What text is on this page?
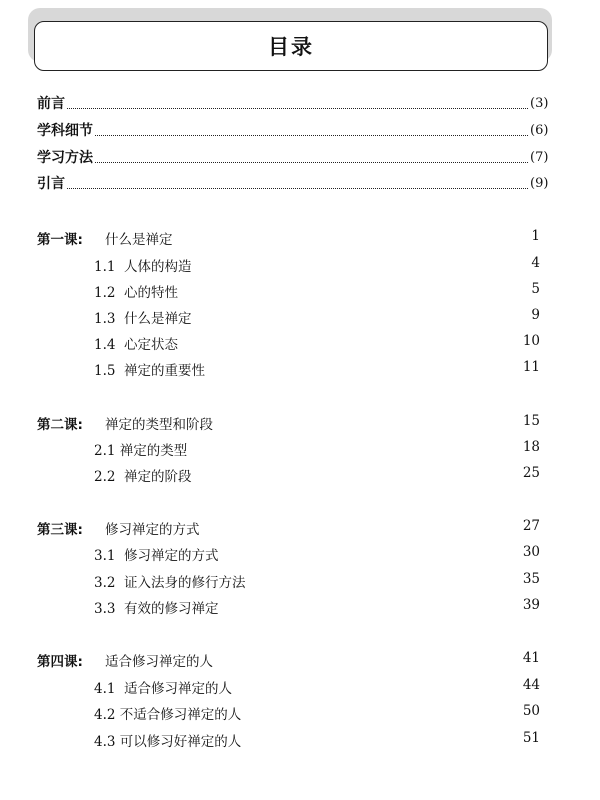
目录
前言	(3)
学科细节	(6)
学习方法	(7)
引言	(9)
第一课: 什么是禅定	1
1.1  人体的构造	4
1.2  心的特性	5
1.3  什么是禅定	9
1.4  心定状态	10
1.5  禅定的重要性	11
第二课: 禅定的类型和阶段	15
2.1 禅定的类型	18
2.2  禅定的阶段	25
第三课: 修习禅定的方式	27
3.1  修习禅定的方式	30
3.2  证入法身的修行方法	35
3.3  有效的修习禅定	39
第四课: 适合修习禅定的人	41
4.1  适合修习禅定的人	44
4.2 不适合修习禅定的人	50
4.3 可以修习好禅定的人	51
